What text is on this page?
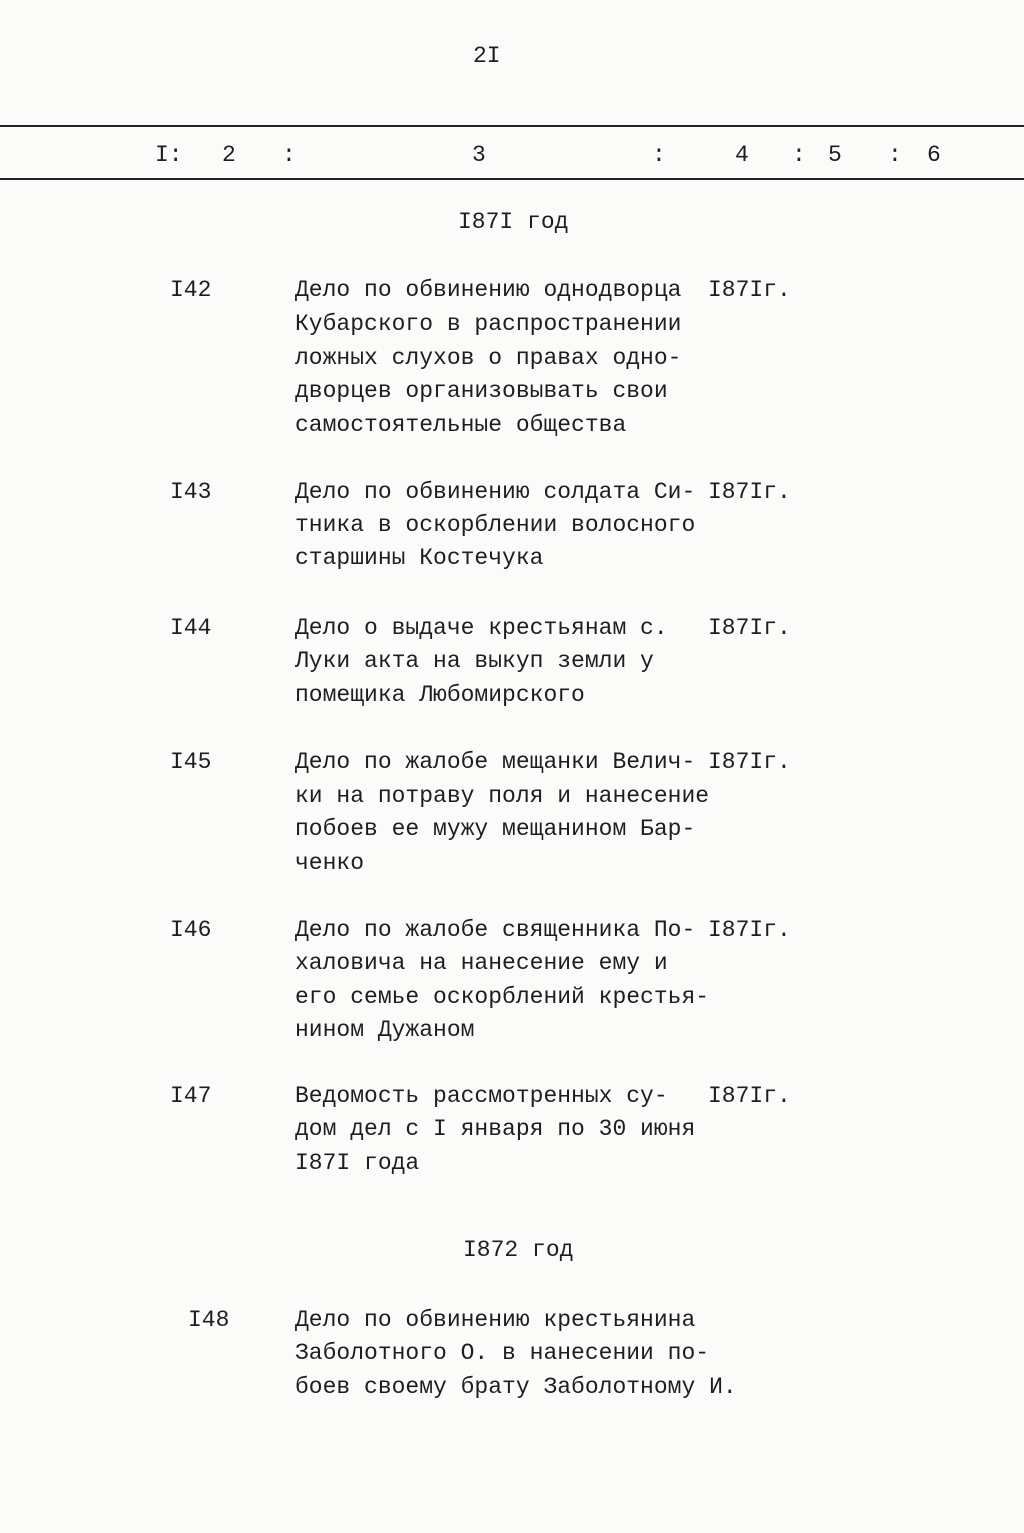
2I
I: 2 :	3	:	4 : 5 : 6
I87I год
I42	Дело по обвинению однодворца
Кубарского в распространении
ложных слухов о правах одно-
дворцев организовывать свои
самостоятельные общества
I87Iг.
I43	Дело по обвинению солдата Си-
тника в оскорблении волосного
старшины Костечука
I87Iг.
I44	Дело о выдаче крестьянам с.
Луки акта на выкуп земли у
помещика Любомирского
I87Iг.
I45	Дело по жалобе мещанки Велич-
ки на потраву поля и нанесение
побоев ее мужу мещанином Бар-
ченко
I87Iг.
I46	Дело по жалобе священника По-
халовича на нанесение ему и
его семье оскорблений крестья-
нином Дужаном
I87Iг.
I47	Ведомость рассмотренных су-
дом дел с I января по 30 июня
I87I года
I87Iг.
I872 год
I48	Дело по обвинению крестьянина
Заболотного О. в нанесении по-
боев своему брату Заболотному И.
